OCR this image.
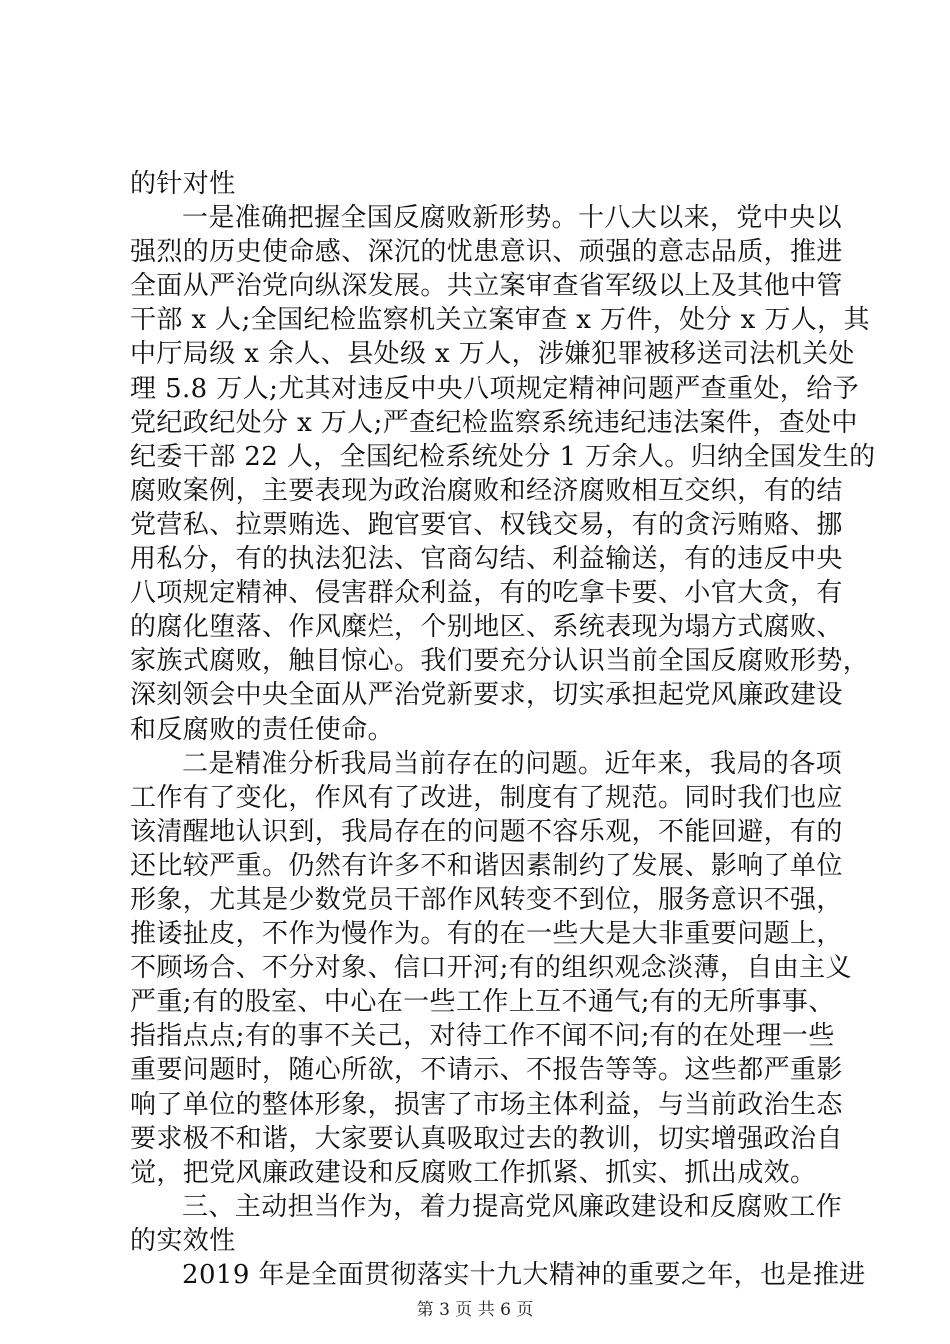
的针对性
一是准确把握全国反腐败新形势。十八大以来，党中央以
强烈的历史使命感、深沉的忧患意识、顽强的意志品质，推进
全面从严治党向纵深发展。共立案审查省军级以上及其他中管
干部 x 人;全国纪检监察机关立案审查 x 万件，处分 x 万人，其
中厅局级 x 余人、县处级 x 万人，涉嫌犯罪被移送司法机关处
理 5.8 万人;尤其对违反中央八项规定精神问题严查重处，给予
党纪政纪处分 x 万人;严查纪检监察系统违纪违法案件，查处中
纪委干部 22 人，全国纪检系统处分 1 万余人。归纳全国发生的
腐败案例，主要表现为政治腐败和经济腐败相互交织，有的结
党营私、拉票贿选、跑官要官、权钱交易，有的贪污贿赂、挪
用私分，有的执法犯法、官商勾结、利益输送，有的违反中央
八项规定精神、侵害群众利益，有的吃拿卡要、小官大贪，有
的腐化堕落、作风糜烂，个别地区、系统表现为塌方式腐败、
家族式腐败，触目惊心。我们要充分认识当前全国反腐败形势，
深刻领会中央全面从严治党新要求，切实承担起党风廉政建设
和反腐败的责任使命。
二是精准分析我局当前存在的问题。近年来，我局的各项
工作有了变化，作风有了改进，制度有了规范。同时我们也应
该清醒地认识到，我局存在的问题不容乐观，不能回避，有的
还比较严重。仍然有许多不和谐因素制约了发展、影响了单位
形象，尤其是少数党员干部作风转变不到位，服务意识不强，
推诿扯皮，不作为慢作为。有的在一些大是大非重要问题上，
不顾场合、不分对象、信口开河;有的组织观念淡薄，自由主义
严重;有的股室、中心在一些工作上互不通气;有的无所事事、
指指点点;有的事不关己，对待工作不闻不问;有的在处理一些
重要问题时，随心所欲，不请示、不报告等等。这些都严重影
响了单位的整体形象，损害了市场主体利益，与当前政治生态
要求极不和谐，大家要认真吸取过去的教训，切实增强政治自
觉，把党风廉政建设和反腐败工作抓紧、抓实、抓出成效。
三、主动担当作为，着力提高党风廉政建设和反腐败工作
的实效性
2019 年是全面贯彻落实十九大精神的重要之年，也是推进
第 3 页 共 6 页
